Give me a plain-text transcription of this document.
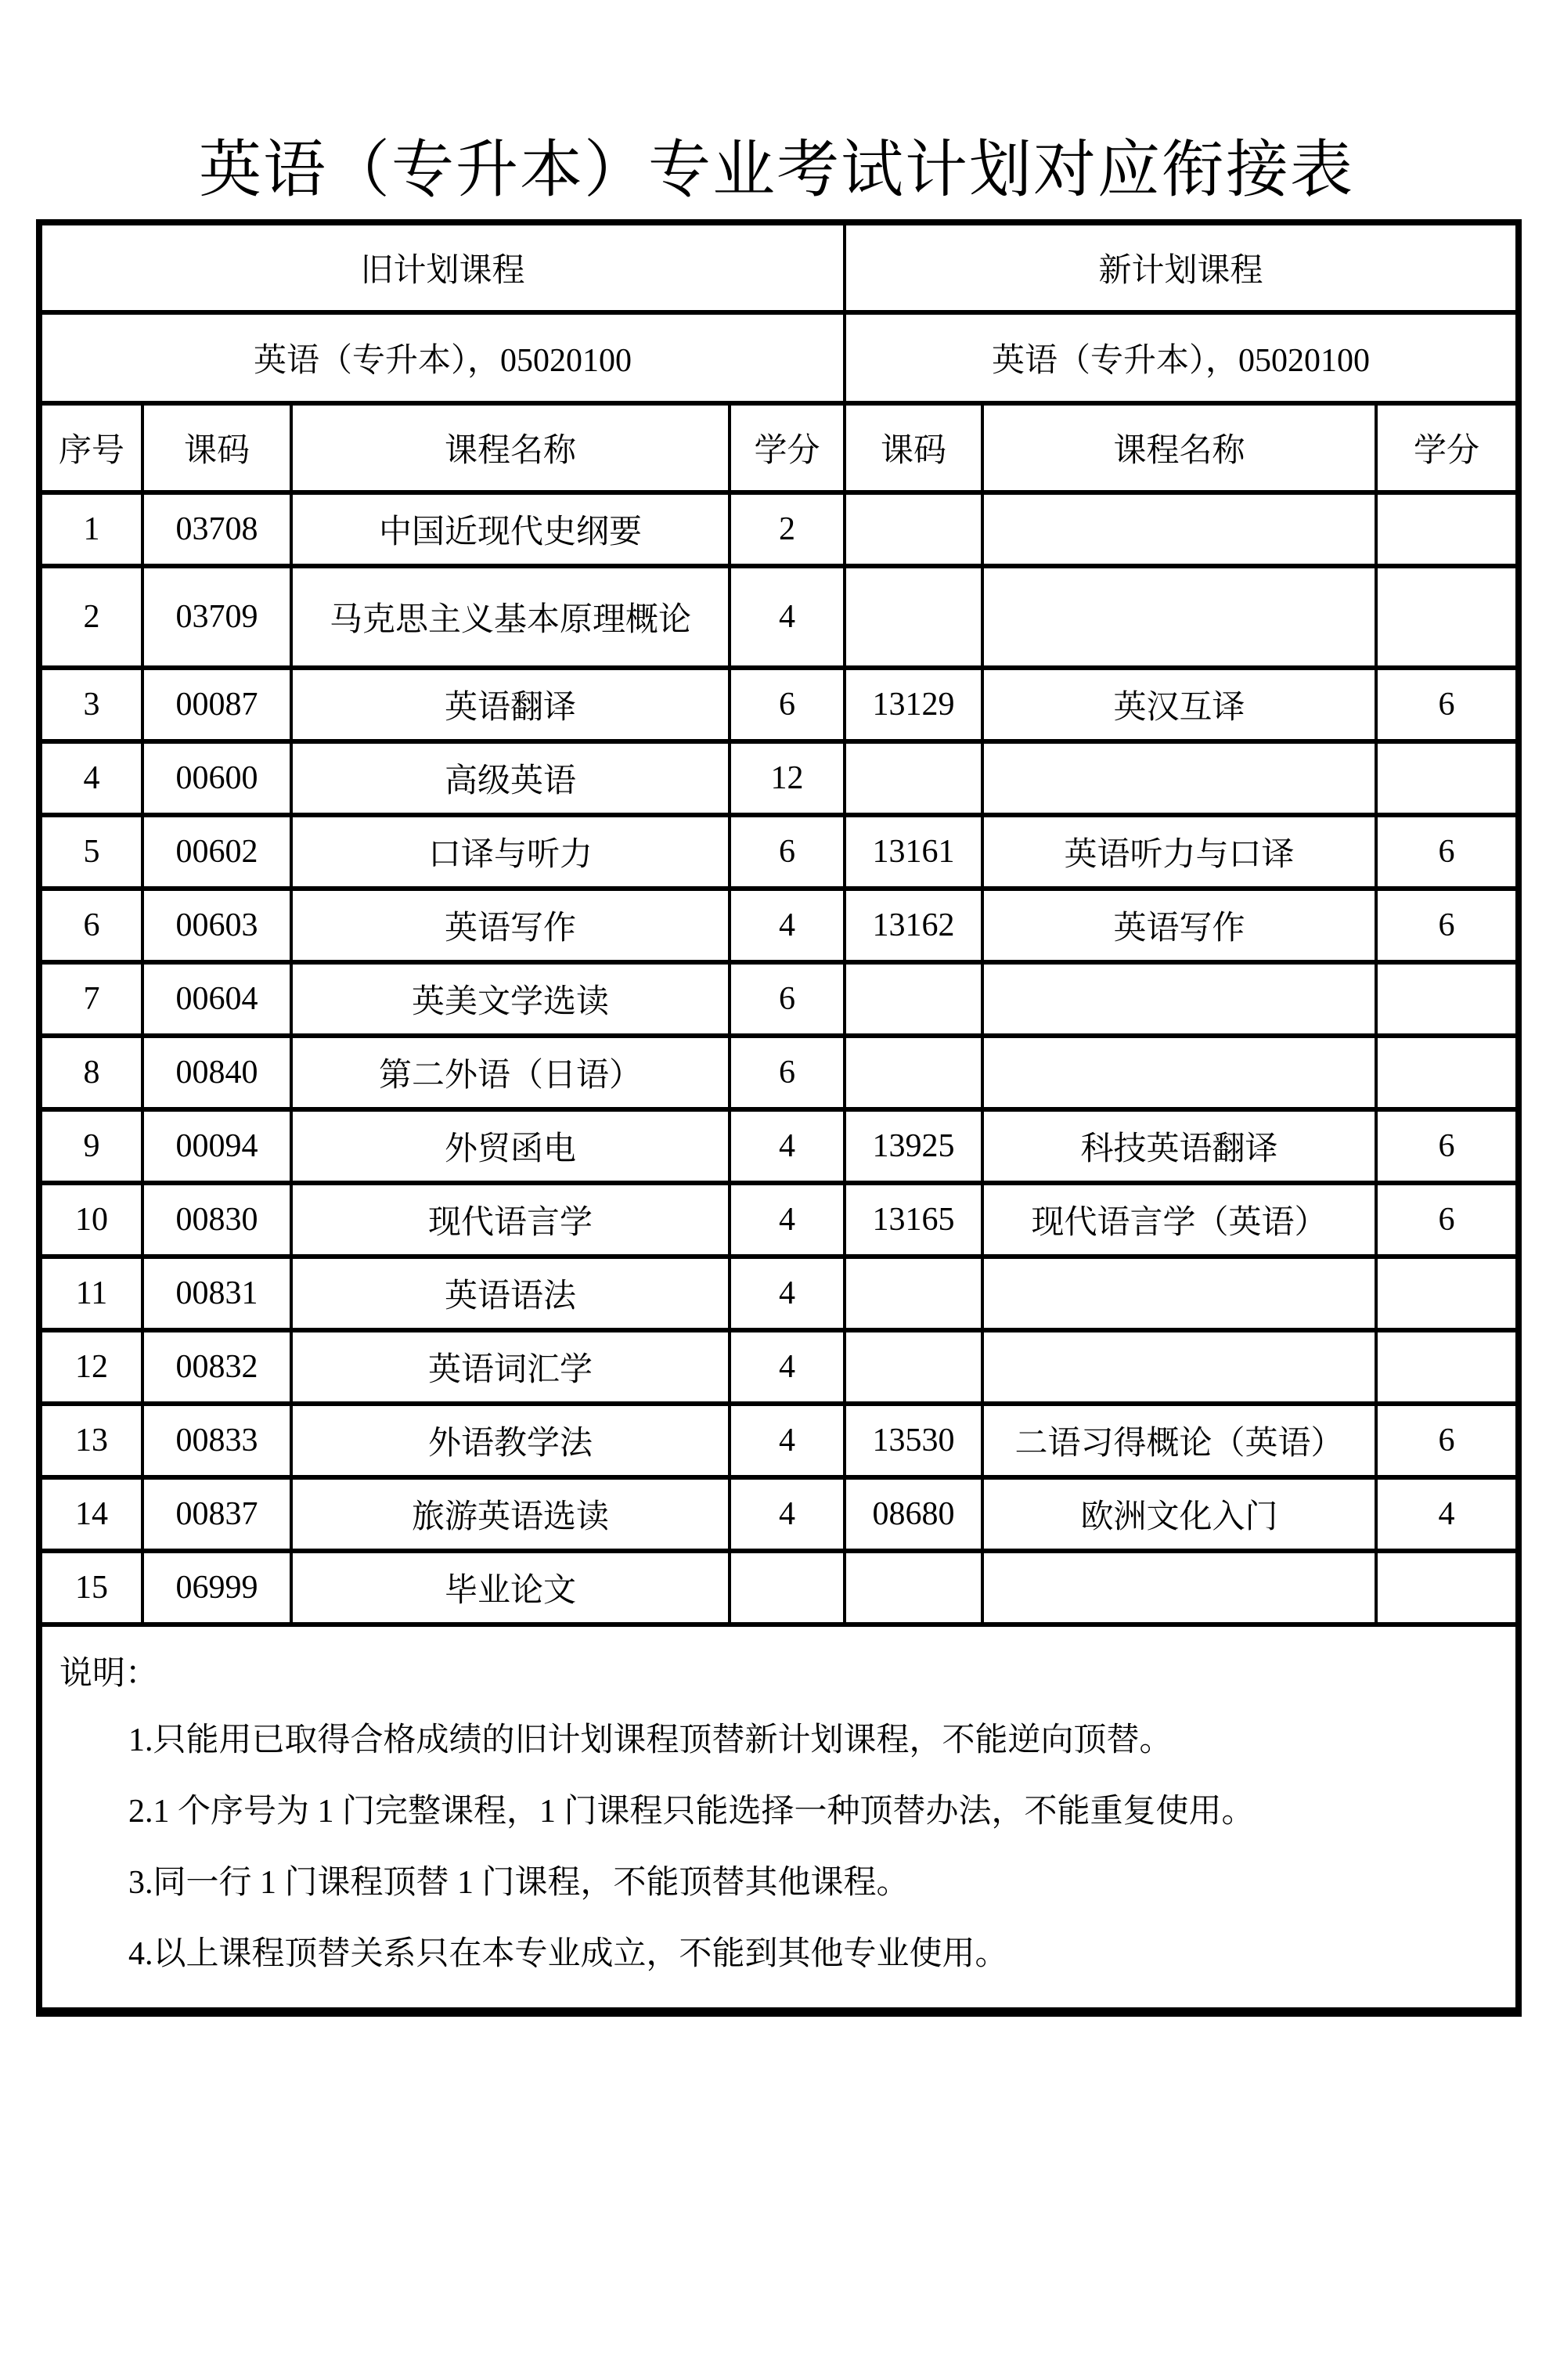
英语（专升本）专业考试计划对应衔接表
旧计划课程				新计划课程		
英语（专升本），05020100				英语（专升本），05020100		
序号	课码	课程名称	学分	课码	课程名称	学分
1	03708	中国近现代史纲要	2			
2	03709	马克思主义基本原理概论	4			
3	00087	英语翻译	6	13129	英汉互译	6
4	00600	高级英语	12			
5	00602	口译与听力	6	13161	英语听力与口译	6
6	00603	英语写作	4	13162	英语写作	6
7	00604	英美文学选读	6			
8	00840	第二外语（日语）	6			
9	00094	外贸函电	4	13925	科技英语翻译	6
10	00830	现代语言学	4	13165	现代语言学（英语）	6
11	00831	英语语法	4			
12	00832	英语词汇学	4			
13	00833	外语教学法	4	13530	二语习得概论（英语）	6
14	00837	旅游英语选读	4	08680	欧洲文化入门	4
15	06999	毕业论文				

说明：
1.只能用已取得合格成绩的旧计划课程顶替新计划课程，不能逆向顶替。
2.1 个序号为 1 门完整课程，1 门课程只能选择一种顶替办法，不能重复使用。
3.同一行 1 门课程顶替 1 门课程，不能顶替其他课程。
4.以上课程顶替关系只在本专业成立，不能到其他专业使用。						
